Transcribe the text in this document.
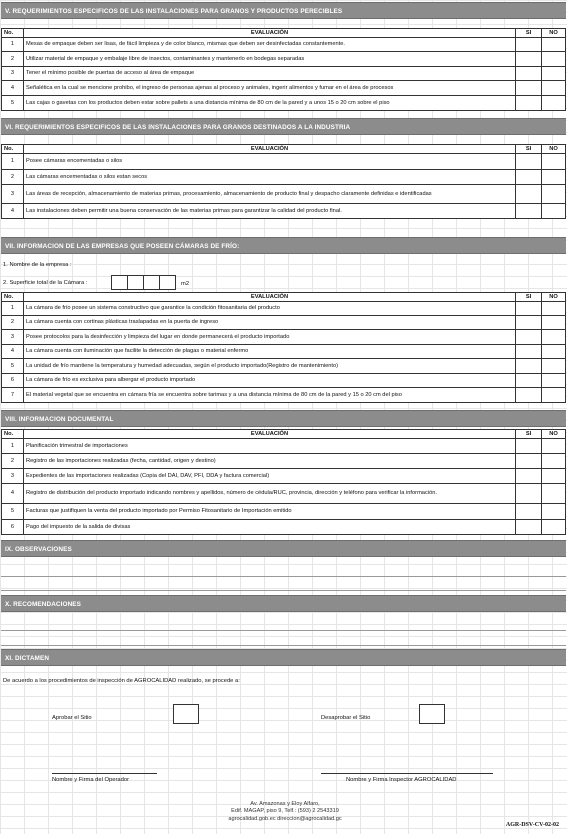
V. REQUERIMIENTOS ESPECIFICOS DE LAS INSTALACIONES PARA GRANOS Y PRODUCTOS PERECIBLES
No.	EVALUACIÓN	SI	NO
1	Mesas de empaque deben ser lisas, de fácil limpieza y de color blanco, mismas que deben ser desinfectadas constantemente.		
2	Utilizar material de empaque y embalaje libre de insectos, contaminantes y mantenerlo en bodegas separadas		
3	Tener el mínimo posible de puertas de acceso al área de empaque		
4	Señalética en la cual se mencione prohibo, el ingreso de personas ajenas al proceso y animales, ingerir alimentos y fumar en el área de procesos		
5	Las cajas o gavetas con los productos deben estar sobre pallets a una distancia mínima de 80 cm de la pared y a unos 15 o 20 cm sobre el piso		
VI. REQUERIMIENTOS ESPECIFICOS DE LAS INSTALACIONES PARA GRANOS DESTINADOS A LA INDUSTRIA
No.	EVALUACIÓN	SI	NO
1	Posee cámaras encementadas o silos		
2	Las cámaras encementadas o silos estan secos		
3	Las áreas de recepción, almacenamiento de materias primas, procesamiento, almacenamiento de producto final y despacho claramente definidas e identificadas		
4	Las instalaciones deben permitir una buena conservación de las materias primas para garantizar la calidad del producto final.		
VII. INFORMACION DE LAS EMPRESAS QUE POSEEN CÁMARAS DE FRÍO:
1. Nombre de la empresa :
2. Superficie total de la Cámara :	m2
No.	EVALUACIÓN	SI	NO
1	La cámara de frío posee un sistema constructivo que garantice la condición fitosanitaria del producto		
2	La cámara cuenta con cortinas plásticas traslapadas en la puerta de ingreso		
3	Posee protocolos para la desinfección y limpieza del lugar en donde permanecerá el producto importado		
4	La cámara cuenta con iluminación que facilite la detección de plagas o material enfermo		
5	La unidad de frío mantiene la temperatura y humedad adecuadas, según el producto importado(Registro de mantenimiento)		
6	La cámara de frío es exclusiva para albergar el producto importado		
7	El material vegetal que se encuentra en cámara fría se encuentra sobre tarimas y a una distancia mínima de 80 cm de la pared y 15 o 20 cm del piso		
VIII. INFORMACION DOCUMENTAL
No.	EVALUACIÓN	SI	NO
1	Planificación trimestral de importaciones		
2	Registro de las importaciones realizadas (fecha, cantidad, origen y destino)		
3	Expedientes de las importaciones realizadas (Copia del DAI, DAV, PFI, DDA y factura comercial)		
4	Registro de distribución del producto importado indicando nombres y apellidos, número de cédula/RUC, provincia, dirección y teléfono para verificar la información.		
5	Facturas que justifiquen la venta del producto importado por Permiso Fitosanitario de Importación emitido		
6	Pago del impuesto de la salida de divisas		
IX. OBSERVACIONES
X. RECOMENDACIONES
XI. DICTAMEN
De acuerdo a los procedimientos de inspección de AGROCALIDAD realizado, se procede a:
Aprobar el Sitio	Desaprobar el Sitio
Nombre y Firma del Operador	Nombre y Firma Inspector AGROCALIDAD
Av. Amazonas y Eloy Alfaro,
Edif. MAGAP, piso 9, Telf.: (593) 2 2543319
agrocalidad.gob.ec direccion@agrocalidad.gc
AGR-DSV-CV-02-02
